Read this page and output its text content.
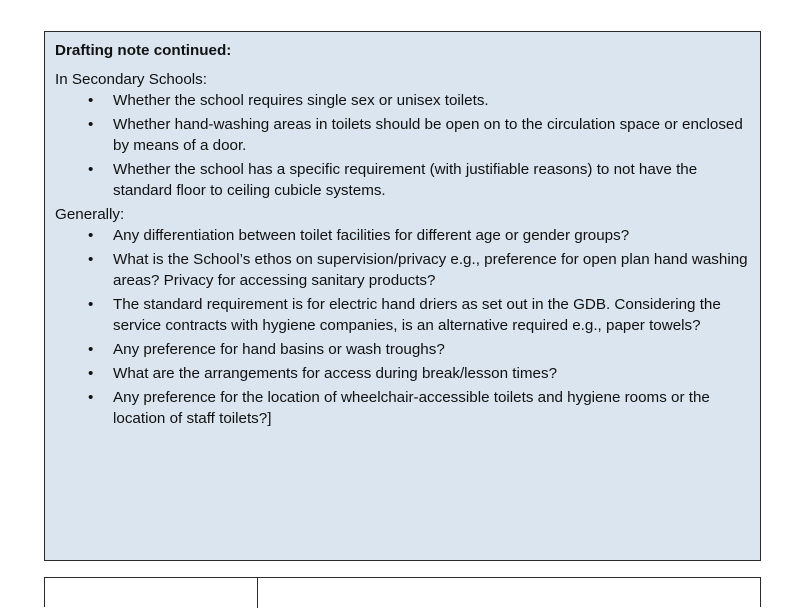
Drafting note continued:

In Secondary Schools:

• Whether the school requires single sex or unisex toilets.
• Whether hand-washing areas in toilets should be open on to the circulation space or enclosed by means of a door.
• Whether the school has a specific requirement (with justifiable reasons) to not have the standard floor to ceiling cubicle systems.

Generally:

• Any differentiation between toilet facilities for different age or gender groups?
• What is the School’s ethos on supervision/privacy e.g., preference for open plan hand washing areas? Privacy for accessing sanitary products?
• The standard requirement is for electric hand driers as set out in the GDB. Considering the service contracts with hygiene companies, is an alternative required e.g., paper towels?
• Any preference for hand basins or wash troughs?
• What are the arrangements for access during break/lesson times?
• Any preference for the location of wheelchair-accessible toilets and hygiene rooms or the location of staff toilets?]
